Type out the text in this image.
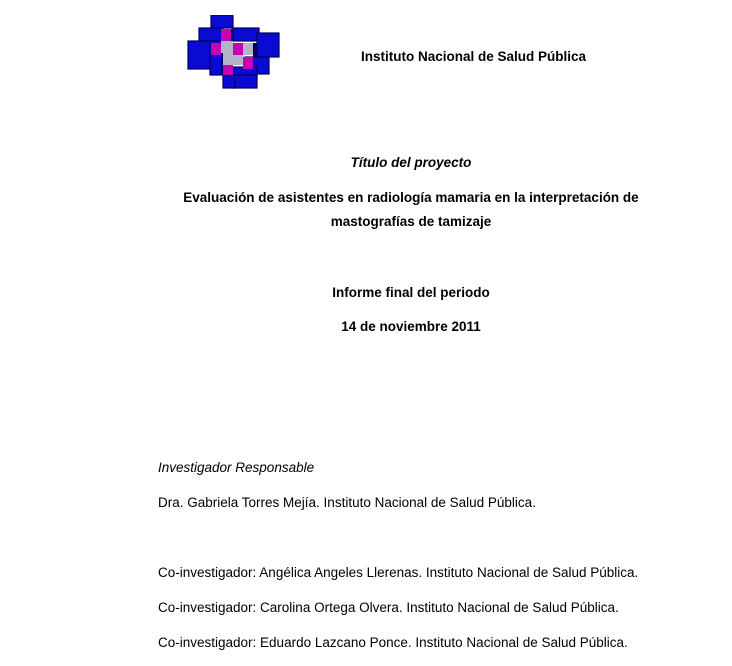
Instituto Nacional de Salud Pública
Título del proyecto
Evaluación de asistentes en radiología mamaria en la interpretación de
mastografías de tamizaje
Informe final del periodo
14 de noviembre 2011
Investigador Responsable
Dra. Gabriela Torres Mejía. Instituto Nacional de Salud Pública.
Co-investigador: Angélica Angeles Llerenas. Instituto Nacional de Salud Pública.
Co-investigador: Carolina Ortega Olvera. Instituto Nacional de Salud Pública.
Co-investigador: Eduardo Lazcano Ponce. Instituto Nacional de Salud Pública.
